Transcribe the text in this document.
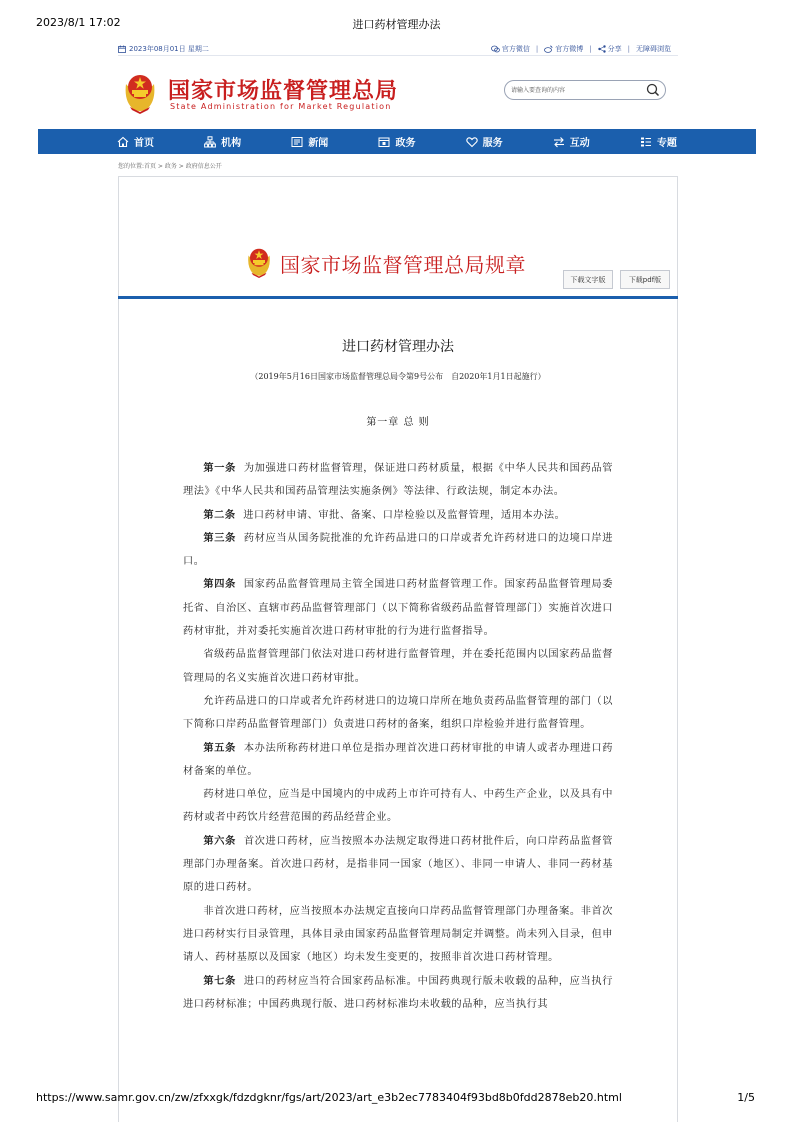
2023/8/1 17:02	进口药材管理办法
2023年08月01日 星期二	官方微信 | 官方微博 | 分享 | 无障碍浏览
国家市场监督管理总局
State Administration for Market Regulation
请输入要查询的内容
首页	机构	新闻	政务	服务	互动	专题
您的位置:首页 > 政务 > 政府信息公开
国家市场监督管理总局规章
下载文字版	下载pdf版
进口药材管理办法
（2019年5月16日国家市场监督管理总局令第9号公布　自2020年1月1日起施行）
第一章 总 则

第一条 为加强进口药材监督管理，保证进口药材质量，根据《中华人民共和国药品管理法》《中华人民共和国药品管理法实施条例》等法律、行政法规，制定本办法。

第二条 进口药材申请、审批、备案、口岸检验以及监督管理，适用本办法。

第三条 药材应当从国务院批准的允许药品进口的口岸或者允许药材进口的边境口岸进口。

第四条 国家药品监督管理局主管全国进口药材监督管理工作。国家药品监督管理局委托省、自治区、直辖市药品监督管理部门（以下简称省级药品监督管理部门）实施首次进口药材审批，并对委托实施首次进口药材审批的行为进行监督指导。

省级药品监督管理部门依法对进口药材进行监督管理，并在委托范围内以国家药品监督管理局的名义实施首次进口药材审批。

允许药品进口的口岸或者允许药材进口的边境口岸所在地负责药品监督管理的部门（以下简称口岸药品监督管理部门）负责进口药材的备案，组织口岸检验并进行监督管理。

第五条 本办法所称药材进口单位是指办理首次进口药材审批的申请人或者办理进口药材备案的单位。

药材进口单位，应当是中国境内的中成药上市许可持有人、中药生产企业，以及具有中药材或者中药饮片经营范围的药品经营企业。

第六条 首次进口药材，应当按照本办法规定取得进口药材批件后，向口岸药品监督管理部门办理备案。首次进口药材，是指非同一国家（地区）、非同一申请人、非同一药材基原的进口药材。

非首次进口药材，应当按照本办法规定直接向口岸药品监督管理部门办理备案。非首次进口药材实行目录管理，具体目录由国家药品监督管理局制定并调整。尚未列入目录，但申请人、药材基原以及国家（地区）均未发生变更的，按照非首次进口药材管理。

第七条 进口的药材应当符合国家药品标准。中国药典现行版未收载的品种，应当执行进口药材标准；中国药典现行版、进口药材标准均未收载的品种，应当执行其

https://www.samr.gov.cn/zw/zfxxgk/fdzdgknr/fgs/art/2023/art_e3b2ec7783404f93bd8b0fdd2878eb20.html	1/5
